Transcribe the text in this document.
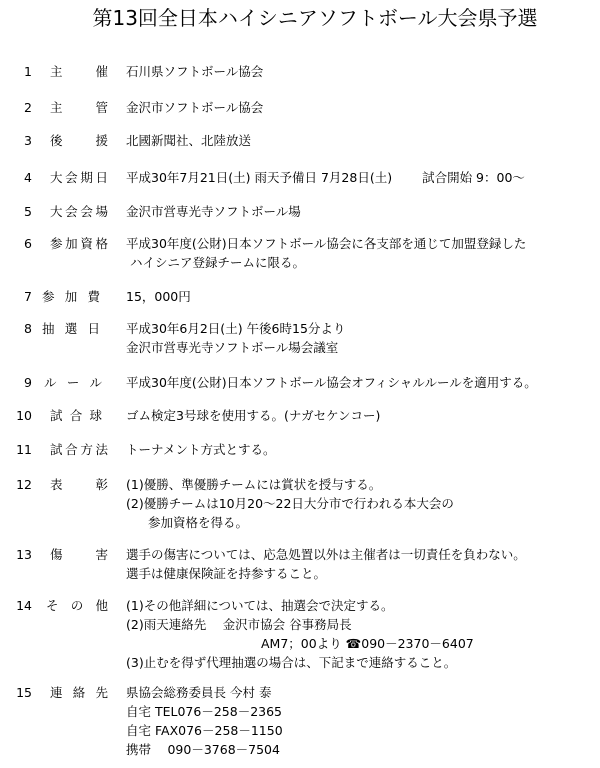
第13回全日本ハイシニアソフトボール大会県予選
1 主催 石川県ソフトボール協会
2 主管 金沢市ソフトボール協会
3 後援 北國新聞社、北陸放送
4 大会期日 平成30年7月21日(土) 雨天予備日 7月28日(土) 試合開始 9：00～
5 大会会場 金沢市営専光寺ソフトボール場
6 参加資格 平成30年度(公財)日本ソフトボール協会に各支部を通じて加盟登録した
ハイシニア登録チームに限る。
7 参加費 15，000円
8 抽選日 平成30年6月2日(土) 午後6時15分より
金沢市営専光寺ソフトボール場会議室
9 ルール 平成30年度(公財)日本ソフトボール協会オフィシャルルールを適用する。
10 試合球 ゴム検定3号球を使用する。(ナガセケンコー)
11 試合方法 トーナメント方式とする。
12 表彰 (1)優勝、準優勝チームには賞状を授与する。
(2)優勝チームは10月20～22日大分市で行われる本大会の
参加資格を得る。
13 傷害 選手の傷害については、応急処置以外は主催者は一切責任を負わない。
選手は健康保険証を持参すること。
14 その他 (1)その他詳細については、抽選会で決定する。
(2)雨天連絡先　 金沢市協会 谷事務局長
AM7；00より ☎090－2370－6407
(3)止むを得ず代理抽選の場合は、下記まで連絡すること。
15 連絡先 県協会総務委員長 今村 泰
自宅 TEL076－258－2365
自宅 FAX076－258－1150
携帯　 090－3768－7504
